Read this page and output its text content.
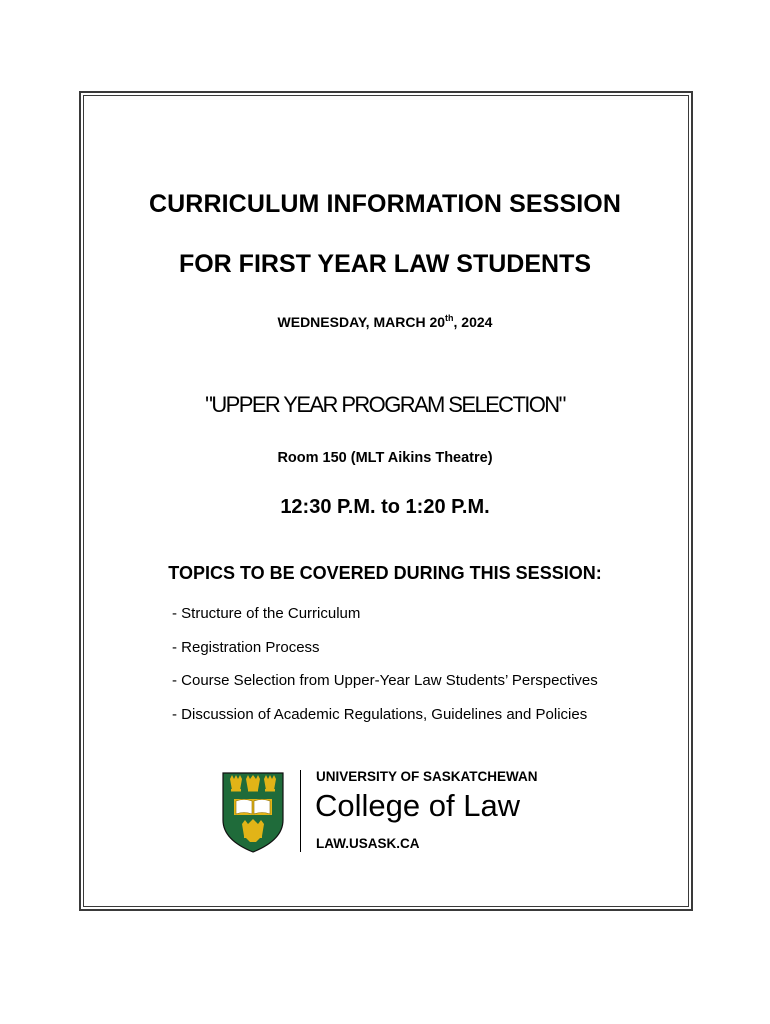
CURRICULUM INFORMATION SESSION
FOR FIRST YEAR LAW STUDENTS
WEDNESDAY, MARCH 20th, 2024
"UPPER YEAR PROGRAM SELECTION"
Room 150 (MLT Aikins Theatre)
12:30 P.M. to 1:20 P.M.
TOPICS TO BE COVERED DURING THIS SESSION:
- Structure of the Curriculum
- Registration Process
- Course Selection from Upper-Year Law Students’ Perspectives
- Discussion of Academic Regulations, Guidelines and Policies
UNIVERSITY OF SASKATCHEWAN
College of Law
LAW.USASK.CA
